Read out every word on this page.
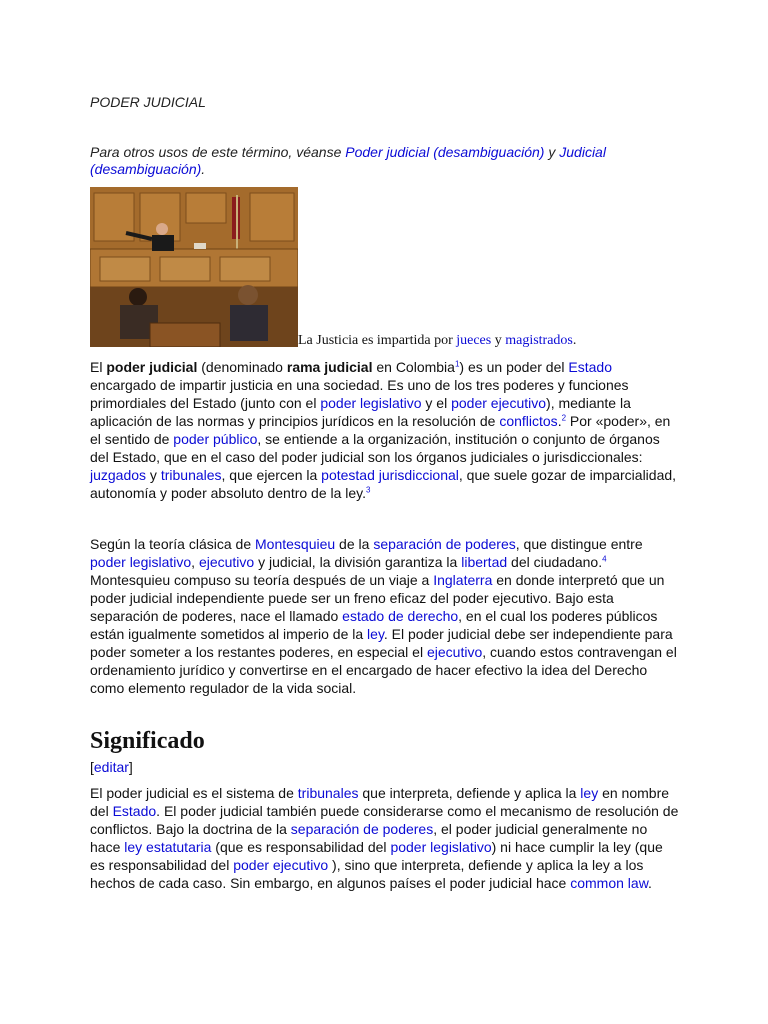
PODER JUDICIAL
Para otros usos de este término, véanse Poder judicial (desambiguación) y Judicial (desambiguación).
La Justicia es impartida por jueces y magistrados.
El poder judicial (denominado rama judicial en Colombia$^1$) es un poder del Estado encargado de impartir justicia en una sociedad. Es uno de los tres poderes y funciones primordiales del Estado (junto con el poder legislativo y el poder ejecutivo), mediante la aplicación de las normas y principios jurídicos en la resolución de conflictos.$^2$ Por «poder», en el sentido de poder público, se entiende a la organización, institución o conjunto de órganos del Estado, que en el caso del poder judicial son los órganos judiciales o jurisdiccionales: juzgados y tribunales, que ejercen la potestad jurisdiccional, que suele gozar de imparcialidad, autonomía y poder absoluto dentro de la ley.$^3$
Según la teoría clásica de Montesquieu de la separación de poderes, que distingue entre poder legislativo, ejecutivo y judicial, la división garantiza la libertad del ciudadano.$^4$ Montesquieu compuso su teoría después de un viaje a Inglaterra en donde interpretó que un poder judicial independiente puede ser un freno eficaz del poder ejecutivo. Bajo esta separación de poderes, nace el llamado estado de derecho, en el cual los poderes públicos están igualmente sometidos al imperio de la ley. El poder judicial debe ser independiente para poder someter a los restantes poderes, en especial el ejecutivo, cuando estos contravengan el ordenamiento jurídico y convertirse en el encargado de hacer efectivo la idea del Derecho como elemento regulador de la vida social.
Significado
[editar]
El poder judicial es el sistema de tribunales que interpreta, defiende y aplica la ley en nombre del Estado. El poder judicial también puede considerarse como el mecanismo de resolución de conflictos. Bajo la doctrina de la separación de poderes, el poder judicial generalmente no hace ley estatutaria (que es responsabilidad del poder legislativo) ni hace cumplir la ley (que es responsabilidad del poder ejecutivo ), sino que interpreta, defiende y aplica la ley a los hechos de cada caso. Sin embargo, en algunos países el poder judicial hace common law.
